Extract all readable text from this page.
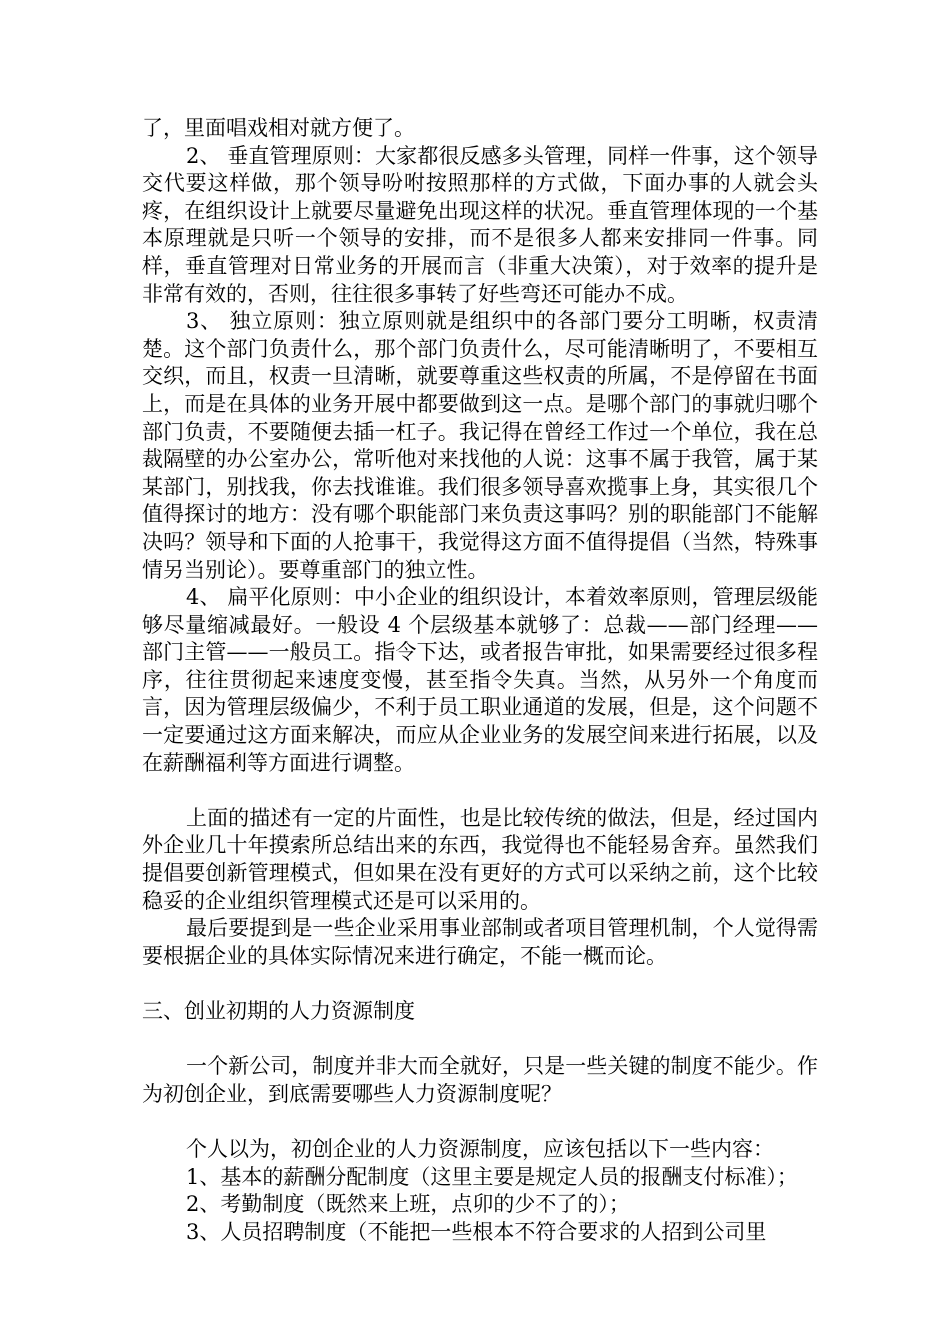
了，里面唱戏相对就方便了。

2、 垂直管理原则：大家都很反感多头管理，同样一件事，这个领导交代要这样做，那个领导吩咐按照那样的方式做，下面办事的人就会头疼，在组织设计上就要尽量避免出现这样的状况。垂直管理体现的一个基本原理就是只听一个领导的安排，而不是很多人都来安排同一件事。同样，垂直管理对日常业务的开展而言（非重大决策），对于效率的提升是非常有效的，否则，往往很多事转了好些弯还可能办不成。

3、 独立原则：独立原则就是组织中的各部门要分工明晰，权责清楚。这个部门负责什么，那个部门负责什么，尽可能清晰明了，不要相互交织，而且，权责一旦清晰，就要尊重这些权责的所属，不是停留在书面上，而是在具体的业务开展中都要做到这一点。是哪个部门的事就归哪个部门负责，不要随便去插一杠子。我记得在曾经工作过一个单位，我在总裁隔壁的办公室办公，常听他对来找他的人说：这事不属于我管，属于某某部门，别找我，你去找谁谁。我们很多领导喜欢揽事上身，其实很几个值得探讨的地方：没有哪个职能部门来负责这事吗？别的职能部门不能解决吗？领导和下面的人抢事干，我觉得这方面不值得提倡（当然，特殊事情另当别论）。要尊重部门的独立性。

4、 扁平化原则：中小企业的组织设计，本着效率原则，管理层级能够尽量缩减最好。一般设 4 个层级基本就够了：总裁——部门经理——部门主管——一般员工。指令下达，或者报告审批，如果需要经过很多程序，往往贯彻起来速度变慢，甚至指令失真。当然，从另外一个角度而言，因为管理层级偏少，不利于员工职业通道的发展，但是，这个问题不一定要通过这方面来解决，而应从企业业务的发展空间来进行拓展，以及在薪酬福利等方面进行调整。

上面的描述有一定的片面性，也是比较传统的做法，但是，经过国内外企业几十年摸索所总结出来的东西，我觉得也不能轻易舍弃。虽然我们提倡要创新管理模式，但如果在没有更好的方式可以采纳之前，这个比较稳妥的企业组织管理模式还是可以采用的。

最后要提到是一些企业采用事业部制或者项目管理机制，个人觉得需要根据企业的具体实际情况来进行确定，不能一概而论。

三、创业初期的人力资源制度

一个新公司，制度并非大而全就好，只是一些关键的制度不能少。作为初创企业，到底需要哪些人力资源制度呢？

个人以为，初创企业的人力资源制度，应该包括以下一些内容：

1、基本的薪酬分配制度（这里主要是规定人员的报酬支付标准）；

2、考勤制度（既然来上班，点卯的少不了的）；

3、人员招聘制度（不能把一些根本不符合要求的人招到公司里
